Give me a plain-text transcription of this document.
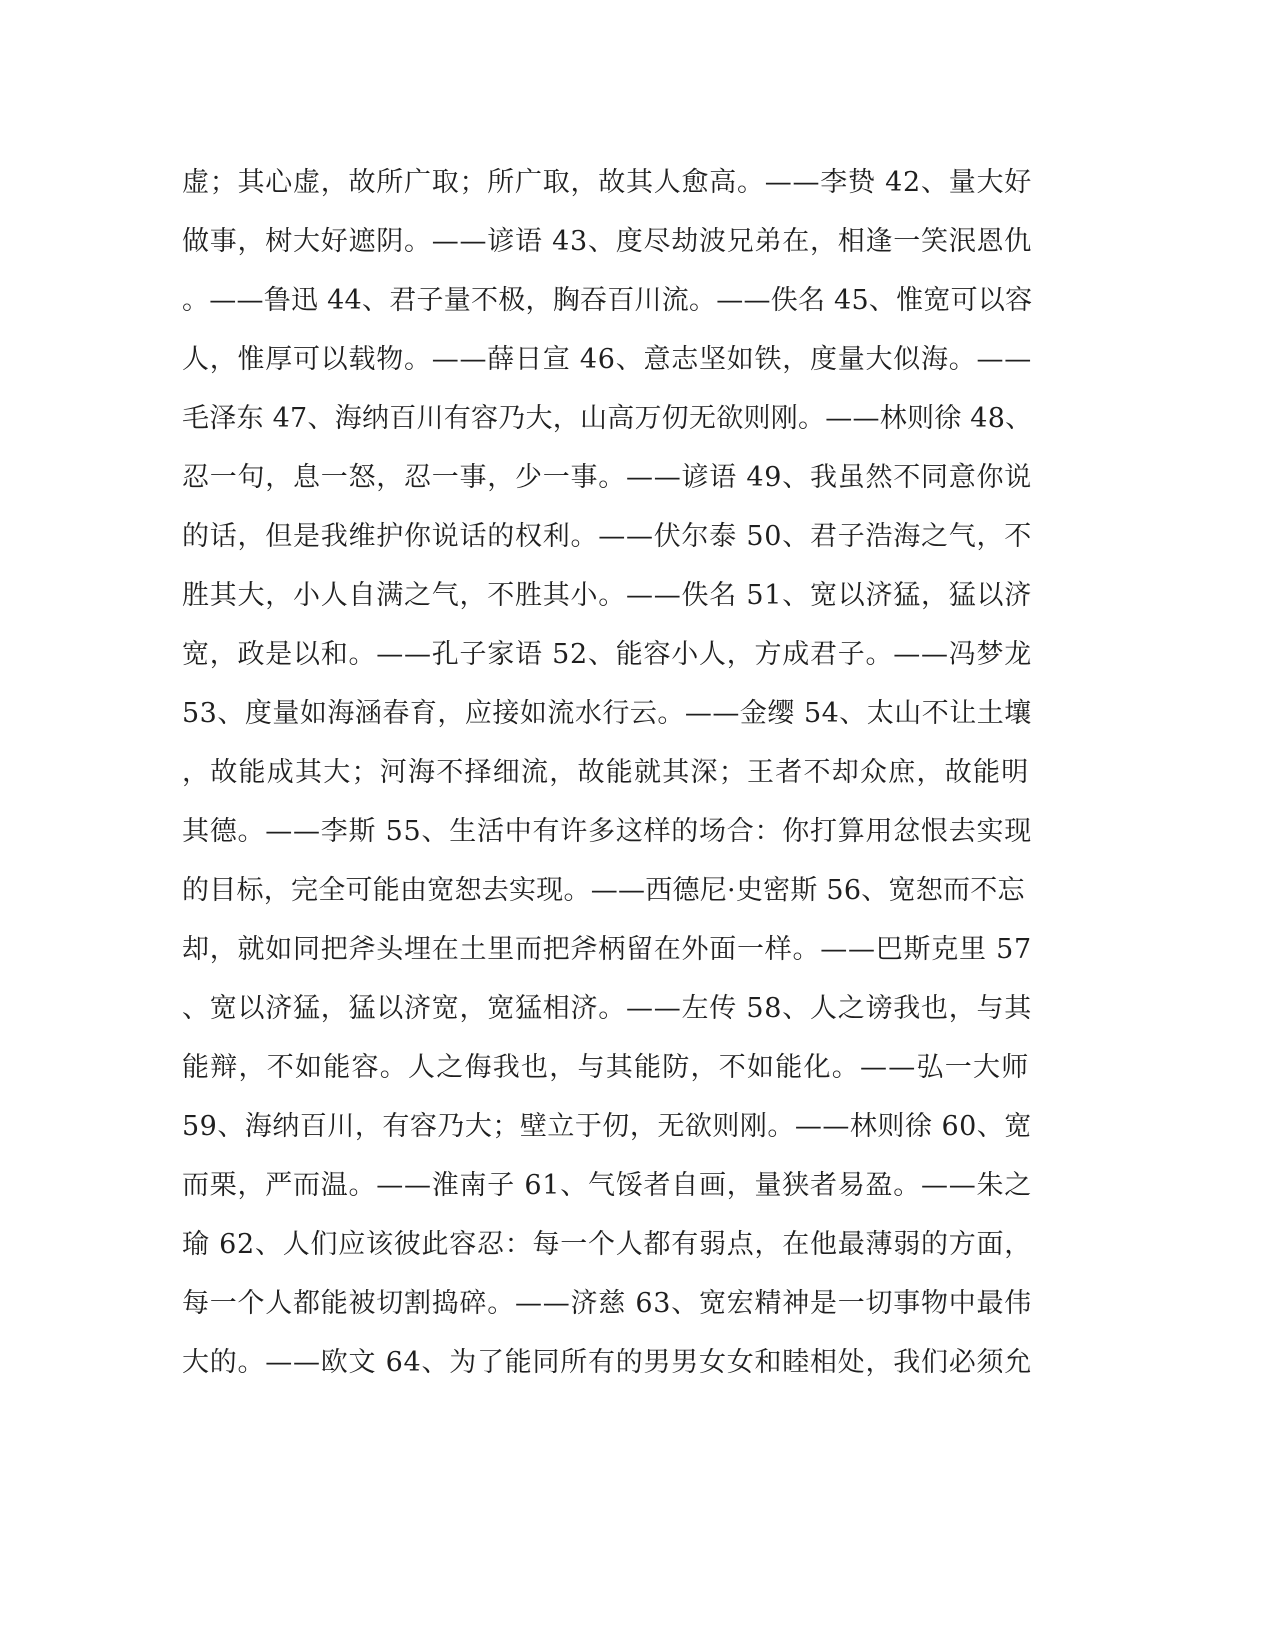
虚；其心虚，故所广取；所广取，故其人愈高。——李贽 42、量大好
做事，树大好遮阴。——谚语 43、度尽劫波兄弟在，相逢一笑泯恩仇
。——鲁迅 44、君子量不极，胸吞百川流。——佚名 45、惟宽可以容
人，惟厚可以载物。——薛日宣 46、意志坚如铁，度量大似海。——
毛泽东 47、海纳百川有容乃大，山高万仞无欲则刚。——林则徐 48、
忍一句，息一怒，忍一事，少一事。——谚语 49、我虽然不同意你说
的话，但是我维护你说话的权利。——伏尔泰 50、君子浩海之气，不
胜其大，小人自满之气，不胜其小。——佚名 51、宽以济猛，猛以济
宽，政是以和。——孔子家语 52、能容小人，方成君子。——冯梦龙
53、度量如海涵春育，应接如流水行云。——金缨 54、太山不让土壤
，故能成其大；河海不择细流，故能就其深；王者不却众庶，故能明
其德。——李斯 55、生活中有许多这样的场合：你打算用忿恨去实现
的目标，完全可能由宽恕去实现。——西德尼·史密斯 56、宽恕而不忘
却，就如同把斧头埋在土里而把斧柄留在外面一样。——巴斯克里 57
、宽以济猛，猛以济宽，宽猛相济。——左传 58、人之谤我也，与其
能辩，不如能容。人之侮我也，与其能防，不如能化。——弘一大师
59、海纳百川，有容乃大；壁立于仞，无欲则刚。——林则徐 60、宽
而栗，严而温。——淮南子 61、气馁者自画，量狭者易盈。——朱之
瑜 62、人们应该彼此容忍：每一个人都有弱点，在他最薄弱的方面，
每一个人都能被切割捣碎。——济慈 63、宽宏精神是一切事物中最伟
大的。——欧文 64、为了能同所有的男男女女和睦相处，我们必须允
